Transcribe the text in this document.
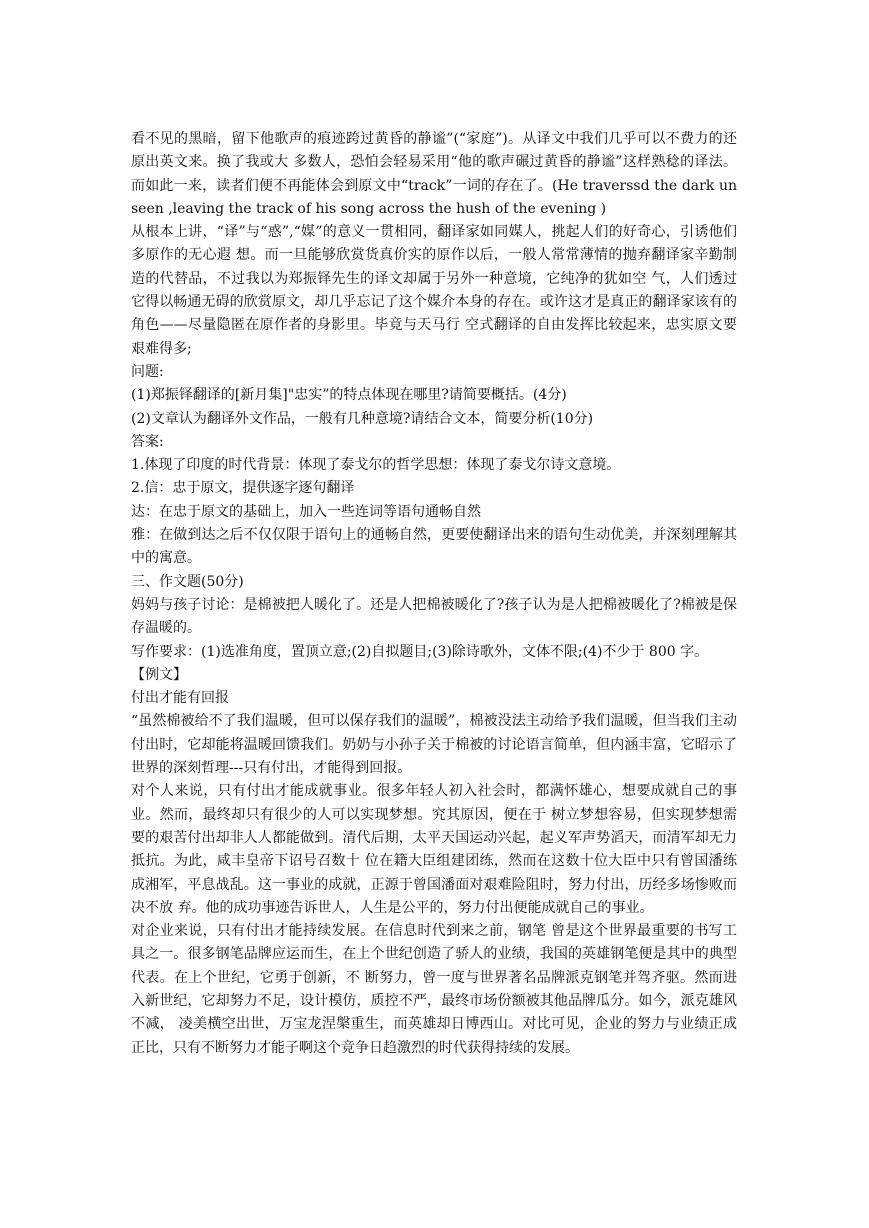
看不见的黑暗，留下他歌声的痕迹跨过黄昏的静谧”(“家庭”)。从译文中我们几乎可以不费力的还原出英文来。换了我或大 多数人，恐怕会轻易采用“他的歌声碾过黄昏的静谧”这样熟稔的译法。而如此一来，读者们便不再能体会到原文中“track”一词的存在了。(He traverssd the dark unseen ,leaving the track of his song across the hush of the evening )

从根本上讲，“译”与“惑”,“媒”的意义一贯相同，翻译家如同媒人，挑起人们的好奇心，引诱他们多原作的无心遐 想。而一旦能够欣赏货真价实的原作以后，一般人常常薄情的抛弃翻译家辛勤制造的代替品，不过我以为郑振铎先生的译文却属于另外一种意境，它纯净的犹如空 气，人们透过它得以畅通无碍的欣赏原文，却几乎忘记了这个媒介本身的存在。或许这才是真正的翻译家该有的角色——尽量隐匿在原作者的身影里。毕竟与天马行 空式翻译的自由发挥比较起来，忠实原文要艰难得多;

问题:

(1)郑振铎翻译的[新月集]"忠实”的特点体现在哪里?请简要概括。(4分)

(2)文章认为翻译外文作品，一般有几种意境?请结合文本，简要分析(10分)

答案:

1.体现了印度的时代背景：体现了泰戈尔的哲学思想：体现了泰戈尔诗文意境。

2.信：忠于原文，提供逐字逐句翻译

达：在忠于原文的基础上，加入一些连词等语句通畅自然

雅：在做到达之后不仅仅限于语句上的通畅自然，更要使翻译出来的语句生动优美，并深刻理解其中的寓意。

三、作文题(50分)

妈妈与孩子讨论：是棉被把人暖化了。还是人把棉被暖化了?孩子认为是人把棉被暖化了?棉被是保存温暖的。

写作要求：(1)选准角度，置顶立意;(2)自拟题目;(3)除诗歌外，文体不限;(4)不少于 800 字。

【例文】

付出才能有回报

“虽然棉被给不了我们温暖，但可以保存我们的温暖”，棉被没法主动给予我们温暖，但当我们主动付出时，它却能将温暖回馈我们。奶奶与小孙子关于棉被的讨论语言简单，但内涵丰富，它昭示了世界的深刻哲理---只有付出，才能得到回报。

对个人来说，只有付出才能成就事业。很多年轻人初入社会时，都满怀雄心，想要成就自己的事业。然而，最终却只有很少的人可以实现梦想。究其原因，便在于 树立梦想容易，但实现梦想需要的艰苦付出却非人人都能做到。清代后期，太平天国运动兴起，起义军声势滔天，而清军却无力抵抗。为此，咸丰皇帝下诏号召数十 位在籍大臣组建团练，然而在这数十位大臣中只有曾国潘练成湘军，平息战乱。这一事业的成就，正源于曾国潘面对艰难险阻时，努力付出，历经多场惨败而决不放 弃。他的成功事迹告诉世人，人生是公平的，努力付出便能成就自己的事业。

对企业来说，只有付出才能持续发展。在信息时代到来之前，钢笔 曾是这个世界最重要的书写工具之一。很多钢笔品牌应运而生，在上个世纪创造了骄人的业绩，我国的英雄钢笔便是其中的典型代表。在上个世纪，它勇于创新，不 断努力，曾一度与世界著名品牌派克钢笔并驾齐驱。然而进入新世纪，它却努力不足，设计模仿，质控不严，最终市场份额被其他品牌瓜分。如今，派克雄风不减， 凌美横空出世，万宝龙涅槃重生，而英雄却日博西山。对比可见，企业的努力与业绩正成正比，只有不断努力才能子啊这个竞争日趋激烈的时代获得持续的发展。
